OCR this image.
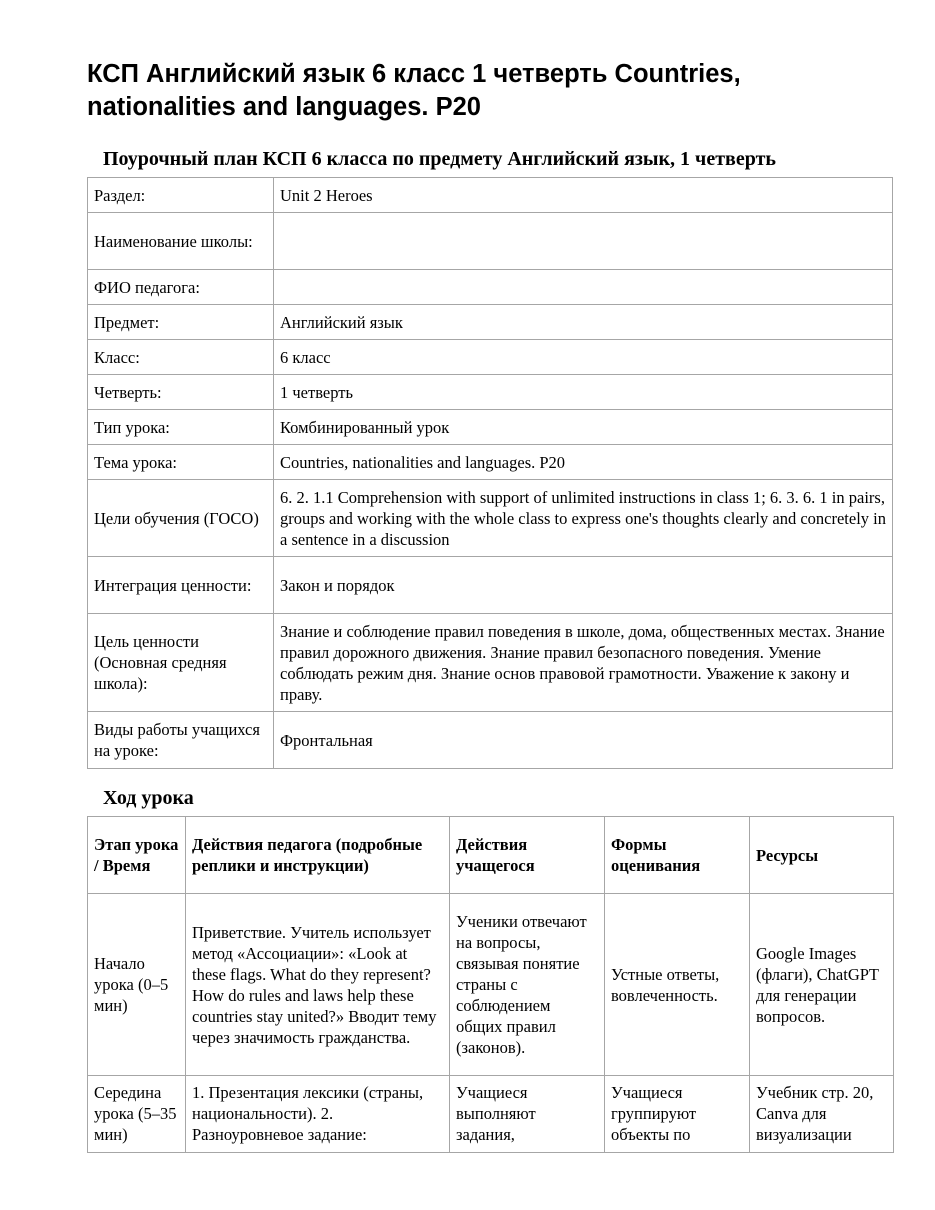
КСП Английский язык 6 класс 1 четверть Countries, nationalities and languages. P20
Поурочный план КСП 6 класса по предмету Английский язык, 1 четверть
Раздел:	Unit 2 Heroes
Наименование школы:	
ФИО педагога:	
Предмет:	Английский язык
Класс:	6 класс
Четверть:	1 четверть
Тип урока:	Комбинированный урок
Тема урока:	Countries, nationalities and languages. P20
Цели обучения (ГОСО)	6. 2. 1.1 Comprehension with support of unlimited instructions in class 1; 6. 3. 6. 1 in pairs, groups and working with the whole class to express one's thoughts clearly and concretely in a sentence in a discussion
Интеграция ценности:	Закон и порядок
Цель ценности (Основная средняя школа):	Знание и соблюдение правил поведения в школе, дома, общественных местах. Знание правил дорожного движения. Знание правил безопасного поведения. Умение соблюдать режим дня. Знание основ правовой грамотности. Уважение к закону и праву.
Виды работы учащихся на уроке:	Фронтальная
Ход урока
Этап урока / Время	Действия педагога (подробные реплики и инструкции)	Действия учащегося	Формы оценивания	Ресурсы
Начало урока (0–5 мин)	Приветствие. Учитель использует метод «Ассоциации»: «Look at these flags. What do they represent? How do rules and laws help these countries stay united?» Вводит тему через значимость гражданства.	Ученики отвечают на вопросы, связывая понятие страны с соблюдением общих правил (законов).	Устные ответы, вовлеченность.	Google Images (флаги), ChatGPT для генерации вопросов.
Середина урока (5–35 мин)	1. Презентация лексики (страны, национальности). 2. Разноуровневое задание:	Учащиеся выполняют задания,	Учащиеся группируют объекты по	Учебник стр. 20, Canva для визуализации
